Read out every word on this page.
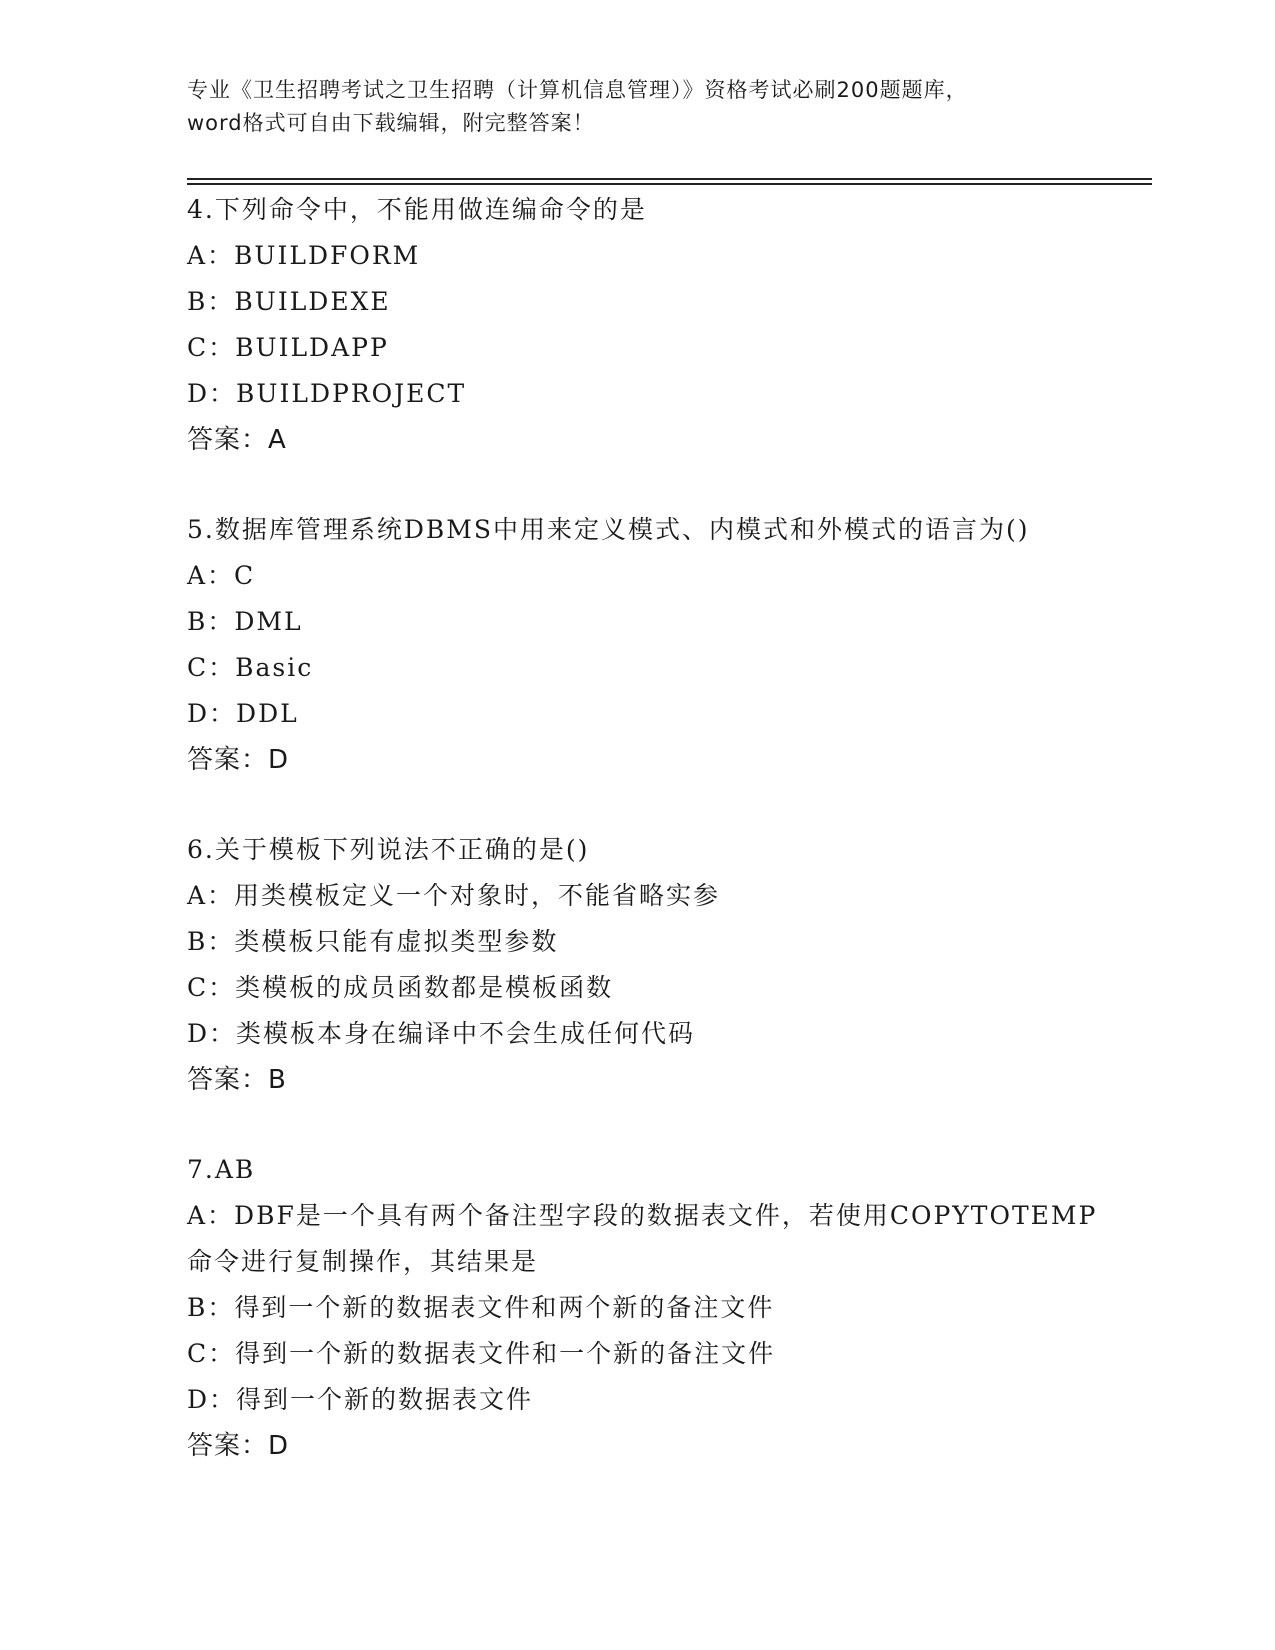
专业《卫生招聘考试之卫生招聘（计算机信息管理）》资格考试必刷200题题库，
word格式可自由下载编辑，附完整答案！
4.下列命令中，不能用做连编命令的是
A：BUILDFORM
B：BUILDEXE
C：BUILDAPP
D：BUILDPROJECT
答案：A
5.数据库管理系统DBMS中用来定义模式、内模式和外模式的语言为()
A：C
B：DML
C：Basic
D：DDL
答案：D
6.关于模板下列说法不正确的是()
A：用类模板定义一个对象时，不能省略实参
B：类模板只能有虚拟类型参数
C：类模板的成员函数都是模板函数
D：类模板本身在编译中不会生成任何代码
答案：B
7.AB
A：DBF是一个具有两个备注型字段的数据表文件，若使用COPYTOTEMP
命令进行复制操作，其结果是
B：得到一个新的数据表文件和两个新的备注文件
C：得到一个新的数据表文件和一个新的备注文件
D：得到一个新的数据表文件
答案：D
